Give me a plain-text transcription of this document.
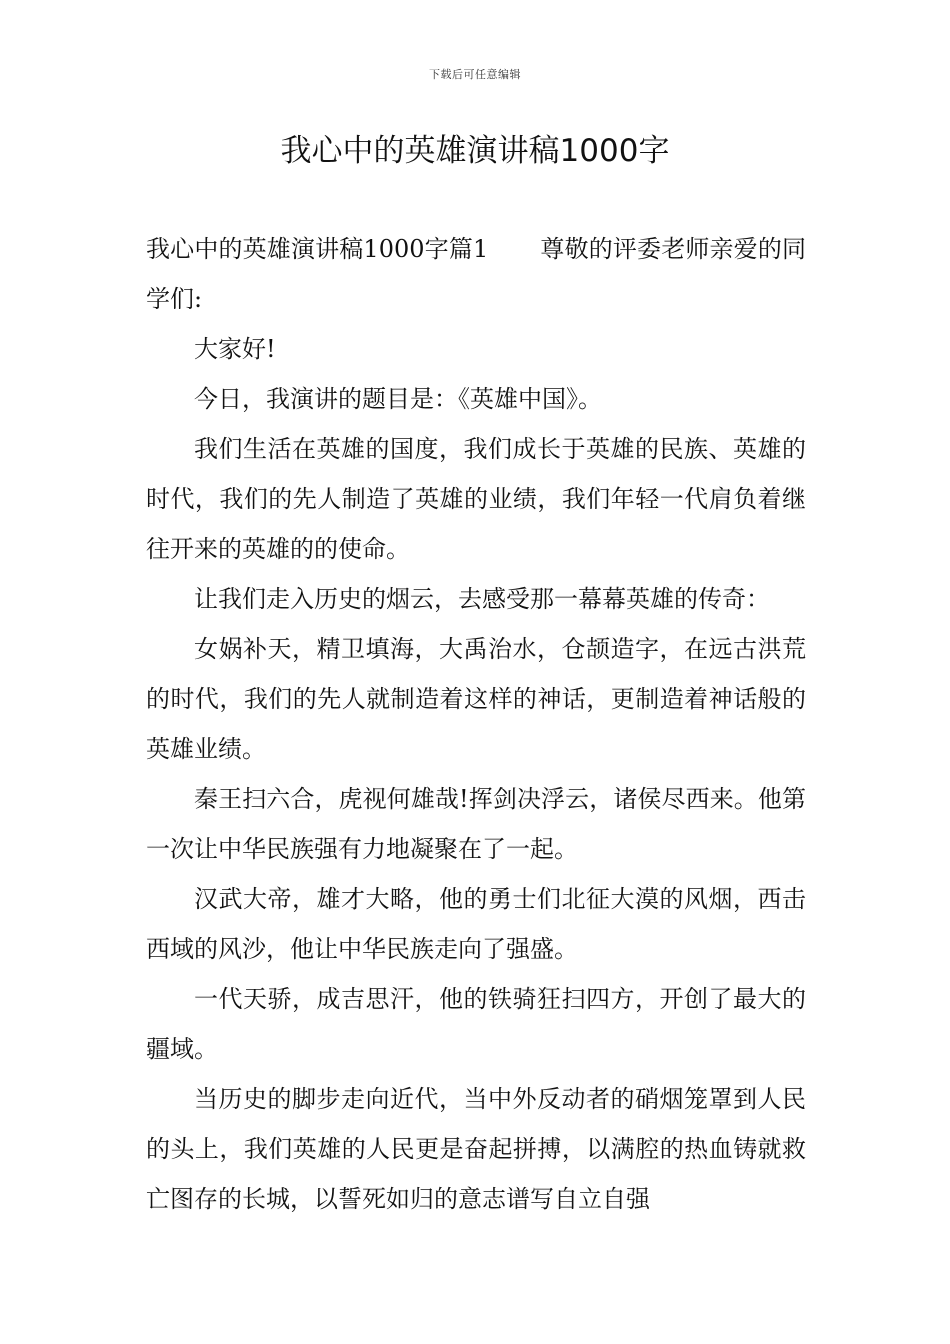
下载后可任意编辑
我心中的英雄演讲稿1000字

我心中的英雄演讲稿1000字篇1 尊敬的评委老师亲爱的同学们:

大家好!

今日，我演讲的题目是：《英雄中国》。

我们生活在英雄的国度，我们成长于英雄的民族、英雄的时代，我们的先人制造了英雄的业绩，我们年轻一代肩负着继往开来的英雄的的使命。

让我们走入历史的烟云，去感受那一幕幕英雄的传奇：

女娲补天，精卫填海，大禹治水，仓颉造字，在远古洪荒的时代，我们的先人就制造着这样的神话，更制造着神话般的英雄业绩。

秦王扫六合，虎视何雄哉!挥剑决浮云，诸侯尽西来。他第一次让中华民族强有力地凝聚在了一起。

汉武大帝，雄才大略，他的勇士们北征大漠的风烟，西击西域的风沙，他让中华民族走向了强盛。

一代天骄，成吉思汗，他的铁骑狂扫四方，开创了最大的疆域。

当历史的脚步走向近代，当中外反动者的硝烟笼罩到人民的头上，我们英雄的人民更是奋起拼搏，以满腔的热血铸就救亡图存的长城，以誓死如归的意志谱写自立自强
